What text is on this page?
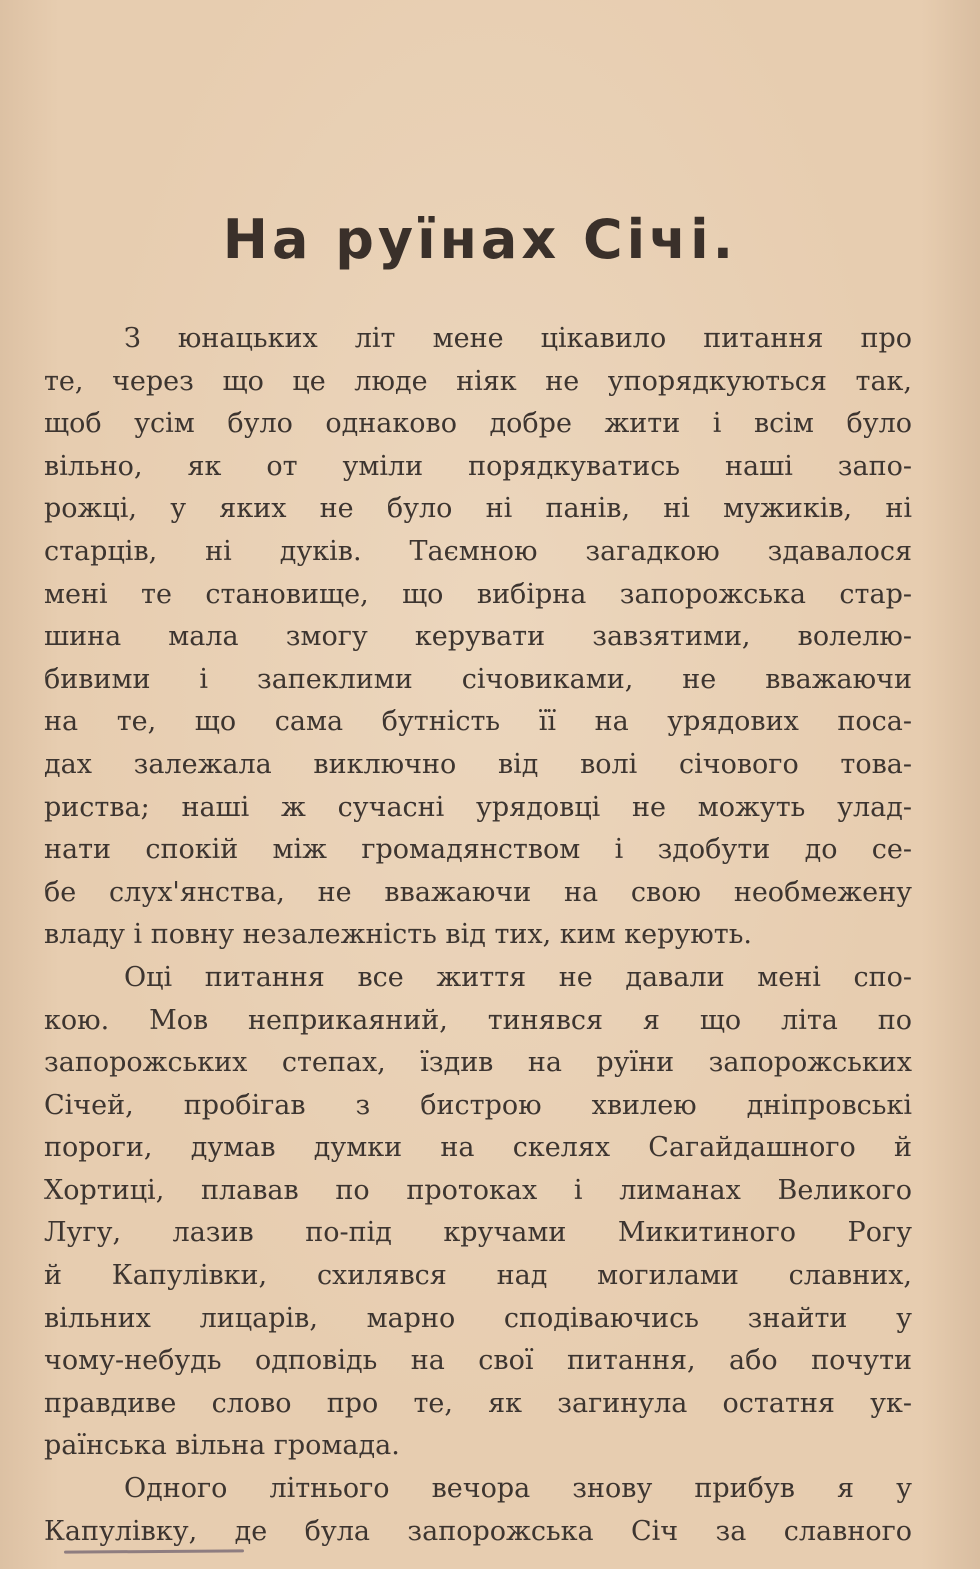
На руїнах Січі.
З юнацьких літ мене цікавило питання про
те, через що це люде ніяк не упорядкуються так,
щоб усім було однаково добре жити і всім було
вільно, як от уміли порядкуватись наші запо-
рожці, у яких не було ні панів, ні мужиків, ні
старців, ні дуків. Таємною загадкою здавалося
мені те становище, що вибірна запорожська стар-
шина мала змогу керувати завзятими, волелю-
бивими і запеклими січовиками, не вважаючи
на те, що сама бутність її на урядових поса-
дах залежала виключно від волі січового това-
риства; наші ж сучасні урядовці не можуть улад-
нати спокій між громадянством і здобути до се-
бе слух'янства, не вважаючи на свою необмежену
владу і повну незалежність від тих, ким керують.
Оці питання все життя не давали мені спо-
кою. Мов неприкаяний, тинявся я що літа по
запорожських степах, їздив на руїни запорожських
Січей, пробігав з бистрою хвилею дніпровські
пороги, думав думки на скелях Сагайдашного й
Хортиці, плавав по протоках і лиманах Великого
Лугу, лазив по-під кручами Микитиного Рогу
й Капулівки, схилявся над могилами славних,
вільних лицарів, марно сподіваючись знайти у
чому-небудь одповідь на свої питання, або почути
правдиве слово про те, як загинула остатня ук-
раїнська вільна громада.
Одного літнього вечора знову прибув я у
Капулівку, де була запорожська Січ за славного
